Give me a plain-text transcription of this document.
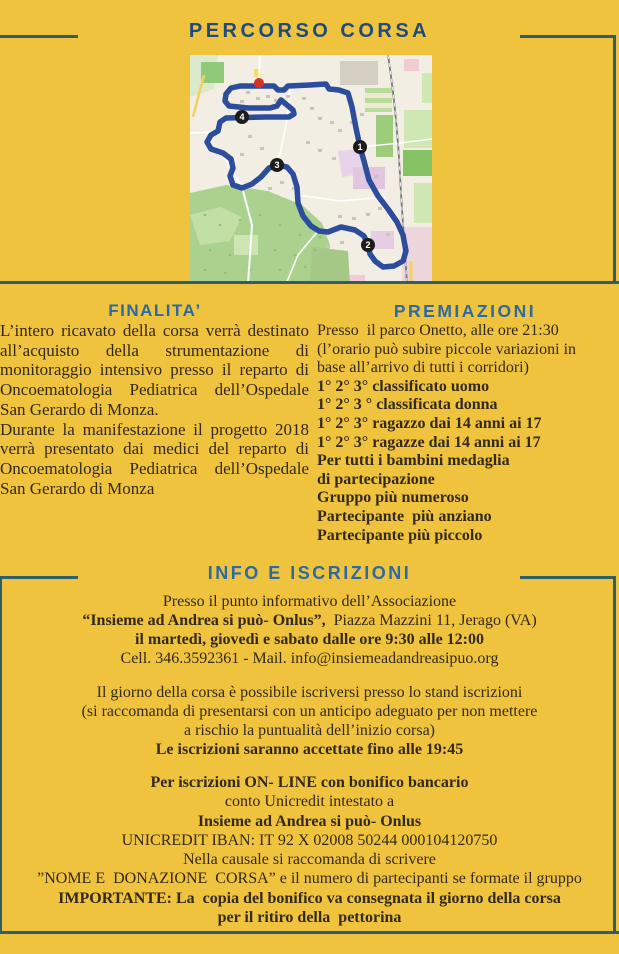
PERCORSO CORSA
1
2
3
4
FINALITA’

L’intero ricavato della corsa verrà destinato all’acquisto della strumentazione di monitoraggio intensivo presso il reparto di Oncoematologia Pediatrica dell’Ospedale San Gerardo di Monza.

Durante la manifestazione il progetto 2018 verrà presentato dai medici del reparto di Oncoematologia Pediatrica dell’Ospedale San Gerardo di Monza

PREMIAZIONI
Presso  il parco Onetto, alle ore 21:30
(l’orario può subire piccole variazioni in
base all’arrivo di tutti i corridori)
1° 2° 3° classificato uomo
1° 2° 3 ° classificata donna
1° 2° 3° ragazzo dai 14 anni ai 17
1° 2° 3° ragazze dai 14 anni ai 17
Per tutti i bambini medaglia
di partecipazione
Gruppo più numeroso
Partecipante  più anziano
Partecipante più piccolo
INFO E ISCRIZIONI
Presso il punto informativo dell’Associazione
“Insieme ad Andrea si può- Onlus”,  Piazza Mazzini 11, Jerago (VA)
il martedì, giovedì e sabato dalle ore 9:30 alle 12:00
Cell. 346.3592361 - Mail. info@insiemeadandreasipuo.org
Il giorno della corsa è possibile iscriversi presso lo stand iscrizioni
(si raccomanda di presentarsi con un anticipo adeguato per non mettere
a rischio la puntualità dell’inizio corsa)
Le iscrizioni saranno accettate fino alle 19:45
Per iscrizioni ON- LINE con bonifico bancario
conto Unicredit intestato a
Insieme ad Andrea si può- Onlus
UNICREDIT IBAN: IT 92 X 02008 50244 000104120750
Nella causale si raccomanda di scrivere
”NOME E  DONAZIONE  CORSA” e il numero di partecipanti se formate il gruppo
IMPORTANTE: La  copia del bonifico va consegnata il giorno della corsa
per il ritiro della  pettorina
